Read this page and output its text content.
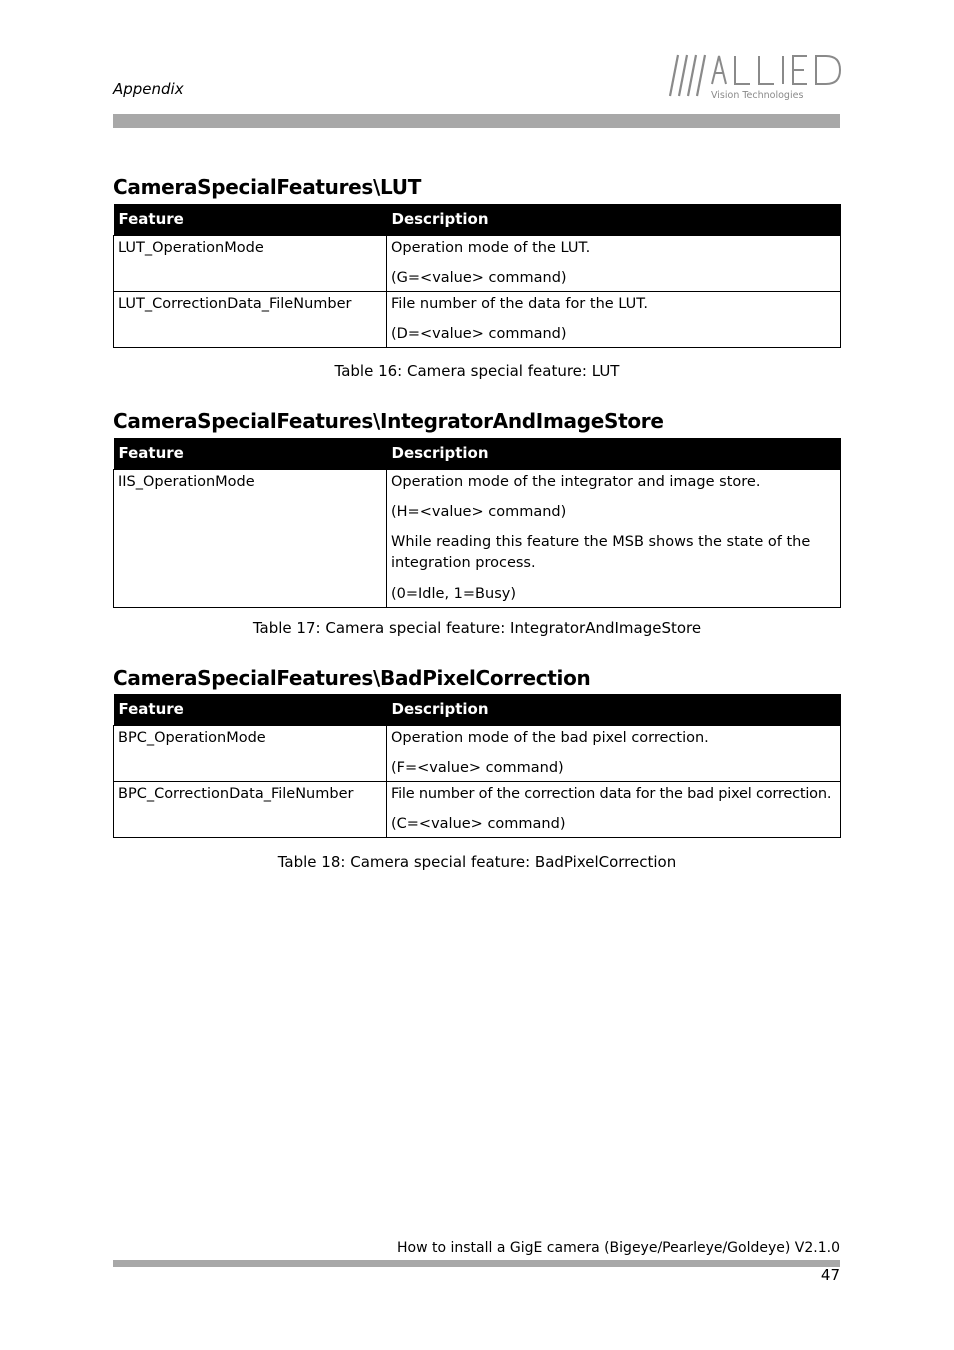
Appendix	Vision Technologies
CameraSpecialFeatures\LUT
Feature	Description
LUT_OperationMode	Operation mode of the LUT.
(G=<value> command)

LUT_CorrectionData_FileNumber	File number of the data for the LUT.
(D=<value> command)
Table 16: Camera special feature: LUT
CameraSpecialFeatures\IntegratorAndImageStore
Feature	Description
IIS_OperationMode	Operation mode of the integrator and image store.
(H=<value> command)
While reading this feature the MSB shows the state of the integration process.
(0=Idle, 1=Busy)
Table 17: Camera special feature: IntegratorAndImageStore
CameraSpecialFeatures\BadPixelCorrection
Feature	Description
BPC_OperationMode	Operation mode of the bad pixel correction.
(F=<value> command)

BPC_CorrectionData_FileNumber	File number of the correction data for the bad pixel correction.
(C=<value> command)
Table 18: Camera special feature: BadPixelCorrection
How to install a GigE camera (Bigeye/Pearleye/Goldeye) V2.1.0
47
